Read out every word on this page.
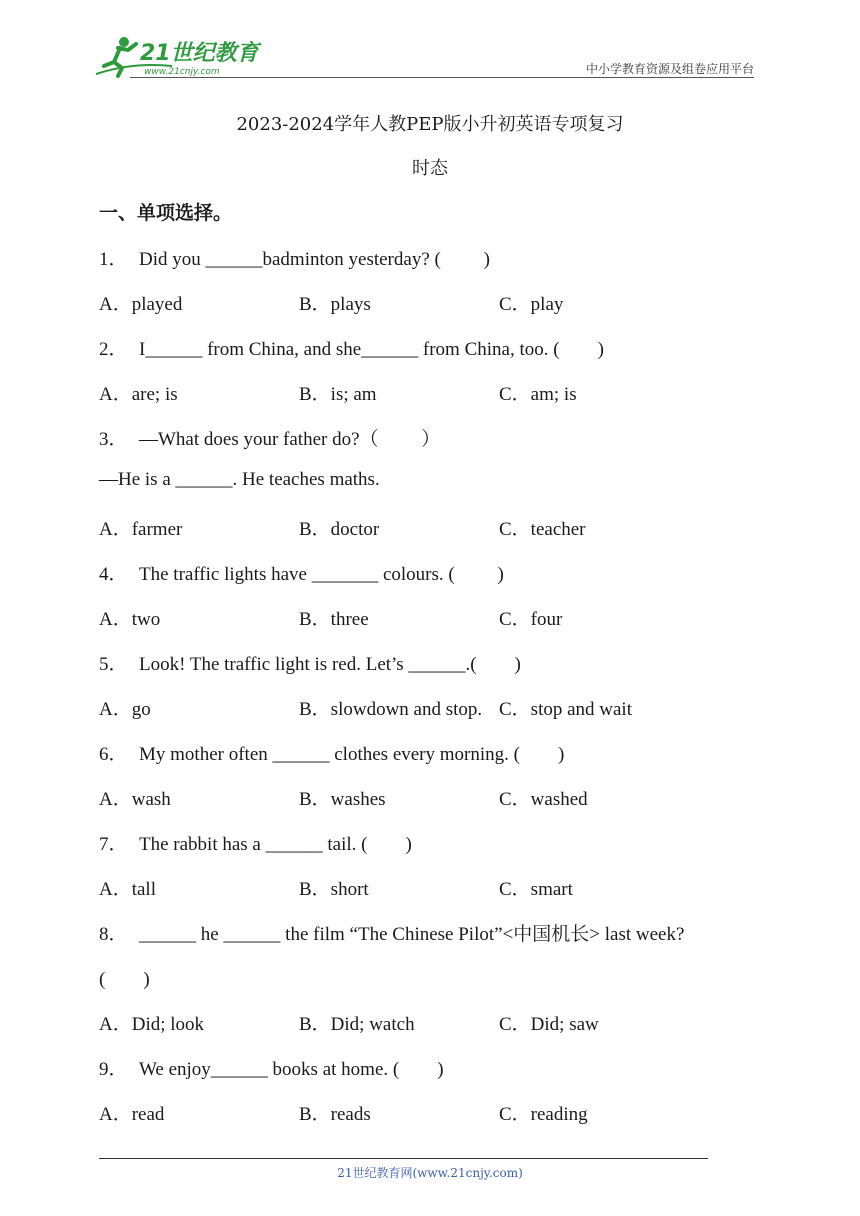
21世纪教育
www.21cnjy.com	中小学教育资源及组卷应用平台
2023-2024学年人教PEP版小升初英语专项复习
时态
一、单项选择。
1． Did you ______badminton yesterday? (　　 )
A．played	B．plays	C．play
2． I______ from China, and she______ from China, too. (　　)
A．are; is	B．is; am	C．am; is
3． —What does your father do?（　　 ）
—He is a ______. He teaches maths.
A．farmer	B．doctor	C．teacher
4． The traffic lights have _______ colours. (　　 )
A．two	B．three	C．four
5． Look! The traffic light is red. Let’s ______.(　　)
A．go	B．slowdown and stop. C．stop and wait
6． My mother often ______ clothes every morning. (　　)
A．wash	B．washes	C．washed
7． The rabbit has a ______ tail. (　　)
A．tall	B．short	C．smart
8． ______ he ______ the film “The Chinese Pilot”<中国机长> last week?
(　　)
A．Did; look	B．Did; watch	C．Did; saw
9． We enjoy______ books at home. (　　)
A．read	B．reads	C．reading
21世纪教育网(www.21cnjy.com)
